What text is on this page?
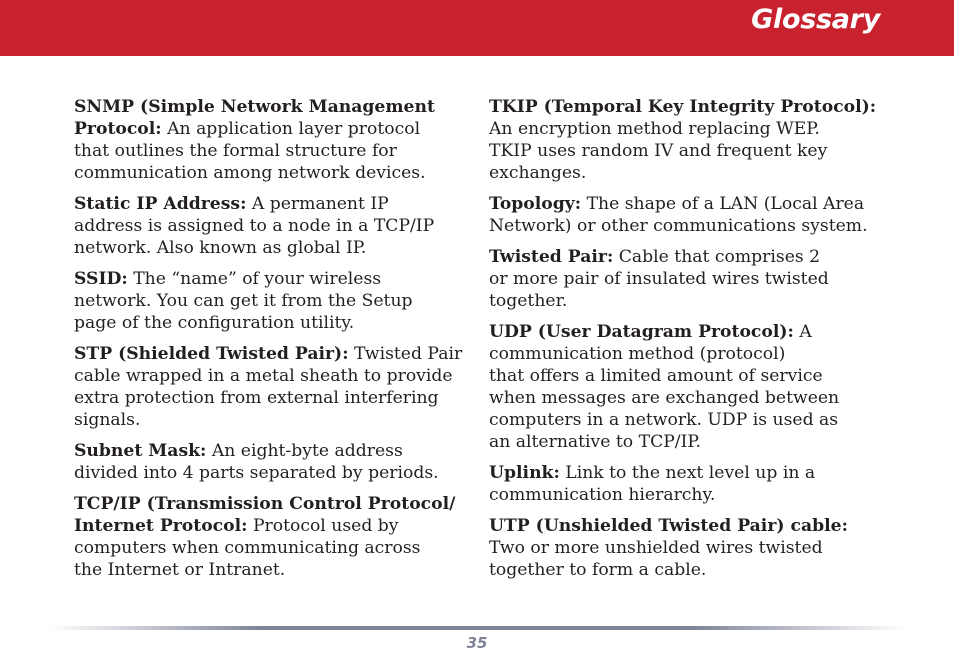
Glossary

SNMP (Simple Network Management
Protocol: An application layer protocol
that outlines the formal structure for
communication among network devices.

Static IP Address: A permanent IP
address is assigned to a node in a TCP/IP
network. Also known as global IP.

SSID: The “name” of your wireless
network. You can get it from the Setup
page of the configuration utility.

STP (Shielded Twisted Pair): Twisted Pair
cable wrapped in a metal sheath to provide
extra protection from external interfering
signals.

Subnet Mask: An eight-byte address
divided into 4 parts separated by periods.

TCP/IP (Transmission Control Protocol/
Internet Protocol: Protocol used by
computers when communicating across
the Internet or Intranet.

TKIP (Temporal Key Integrity Protocol):
An encryption method replacing WEP.
TKIP uses random IV and frequent key
exchanges.

Topology: The shape of a LAN (Local Area
Network) or other communications system.

Twisted Pair: Cable that comprises 2
or more pair of insulated wires twisted
together.

UDP (User Datagram Protocol): A
communication method (protocol)
that offers a limited amount of service
when messages are exchanged between
computers in a network. UDP is used as
an alternative to TCP/IP.

Uplink: Link to the next level up in a
communication hierarchy.

UTP (Unshielded Twisted Pair) cable:
Two or more unshielded wires twisted
together to form a cable.

35
